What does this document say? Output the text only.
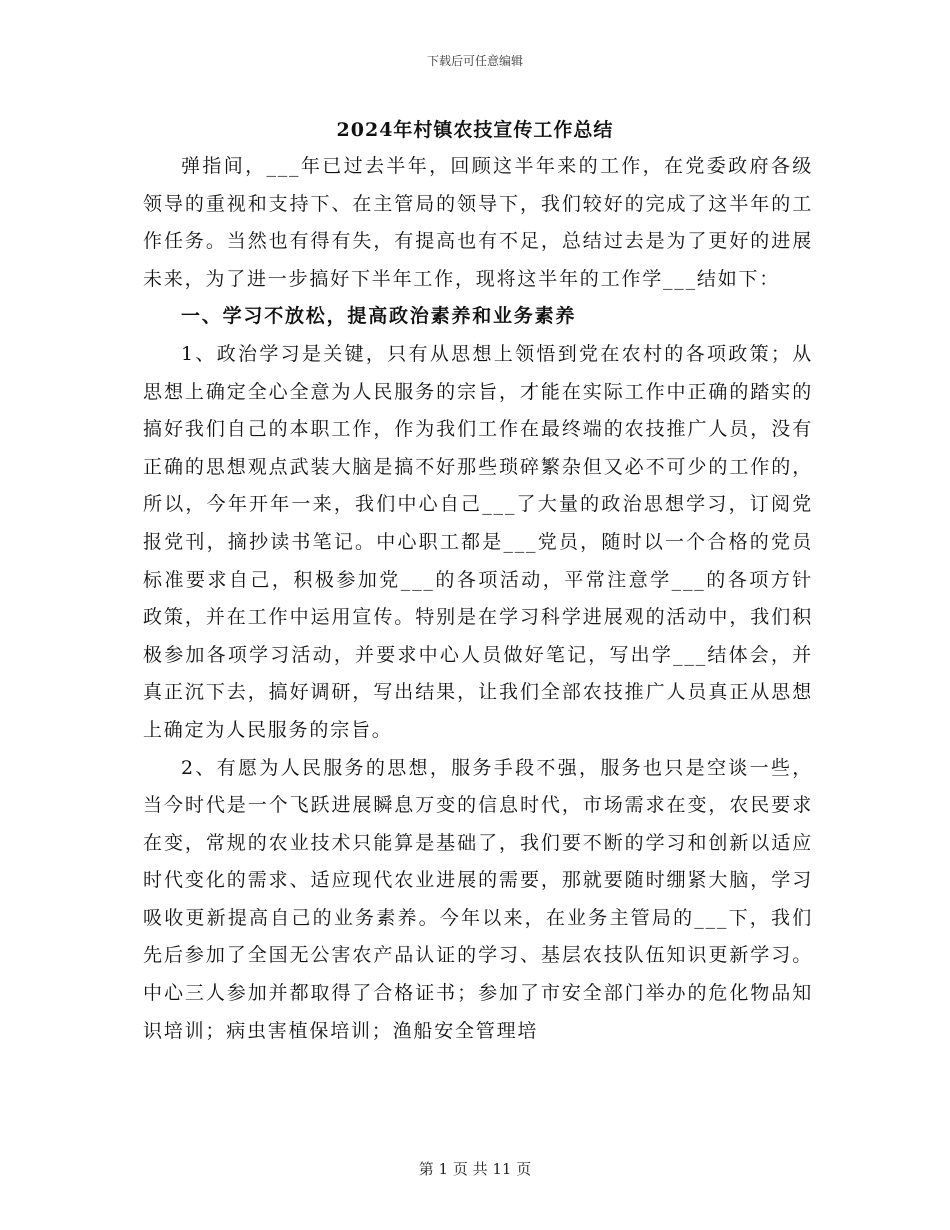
下载后可任意编辑
2024年村镇农技宣传工作总结

弹指间，___年已过去半年，回顾这半年来的工作，在党委政府各级领导的重视和支持下、在主管局的领导下，我们较好的完成了这半年的工作任务。当然也有得有失，有提高也有不足，总结过去是为了更好的进展未来，为了进一步搞好下半年工作，现将这半年的工作学___结如下：

一、学习不放松，提高政治素养和业务素养

1、政治学习是关键，只有从思想上领悟到党在农村的各项政策；从思想上确定全心全意为人民服务的宗旨，才能在实际工作中正确的踏实的搞好我们自己的本职工作，作为我们工作在最终端的农技推广人员，没有正确的思想观点武装大脑是搞不好那些琐碎繁杂但又必不可少的工作的，所以，今年开年一来，我们中心自己___了大量的政治思想学习，订阅党报党刊，摘抄读书笔记。中心职工都是___党员，随时以一个合格的党员标准要求自己，积极参加党___的各项活动，平常注意学___的各项方针政策，并在工作中运用宣传。特别是在学习科学进展观的活动中，我们积极参加各项学习活动，并要求中心人员做好笔记，写出学___结体会，并真正沉下去，搞好调研，写出结果，让我们全部农技推广人员真正从思想上确定为人民服务的宗旨。

2、有愿为人民服务的思想，服务手段不强，服务也只是空谈一些，当今时代是一个飞跃进展瞬息万变的信息时代，市场需求在变，农民要求在变，常规的农业技术只能算是基础了，我们要不断的学习和创新以适应时代变化的需求、适应现代农业进展的需要，那就要随时绷紧大脑，学习吸收更新提高自己的业务素养。今年以来，在业务主管局的___下，我们先后参加了全国无公害农产品认证的学习、基层农技队伍知识更新学习。中心三人参加并都取得了合格证书；参加了市安全部门举办的危化物品知识培训；病虫害植保培训；渔船安全管理培

第 1 页 共 11 页
